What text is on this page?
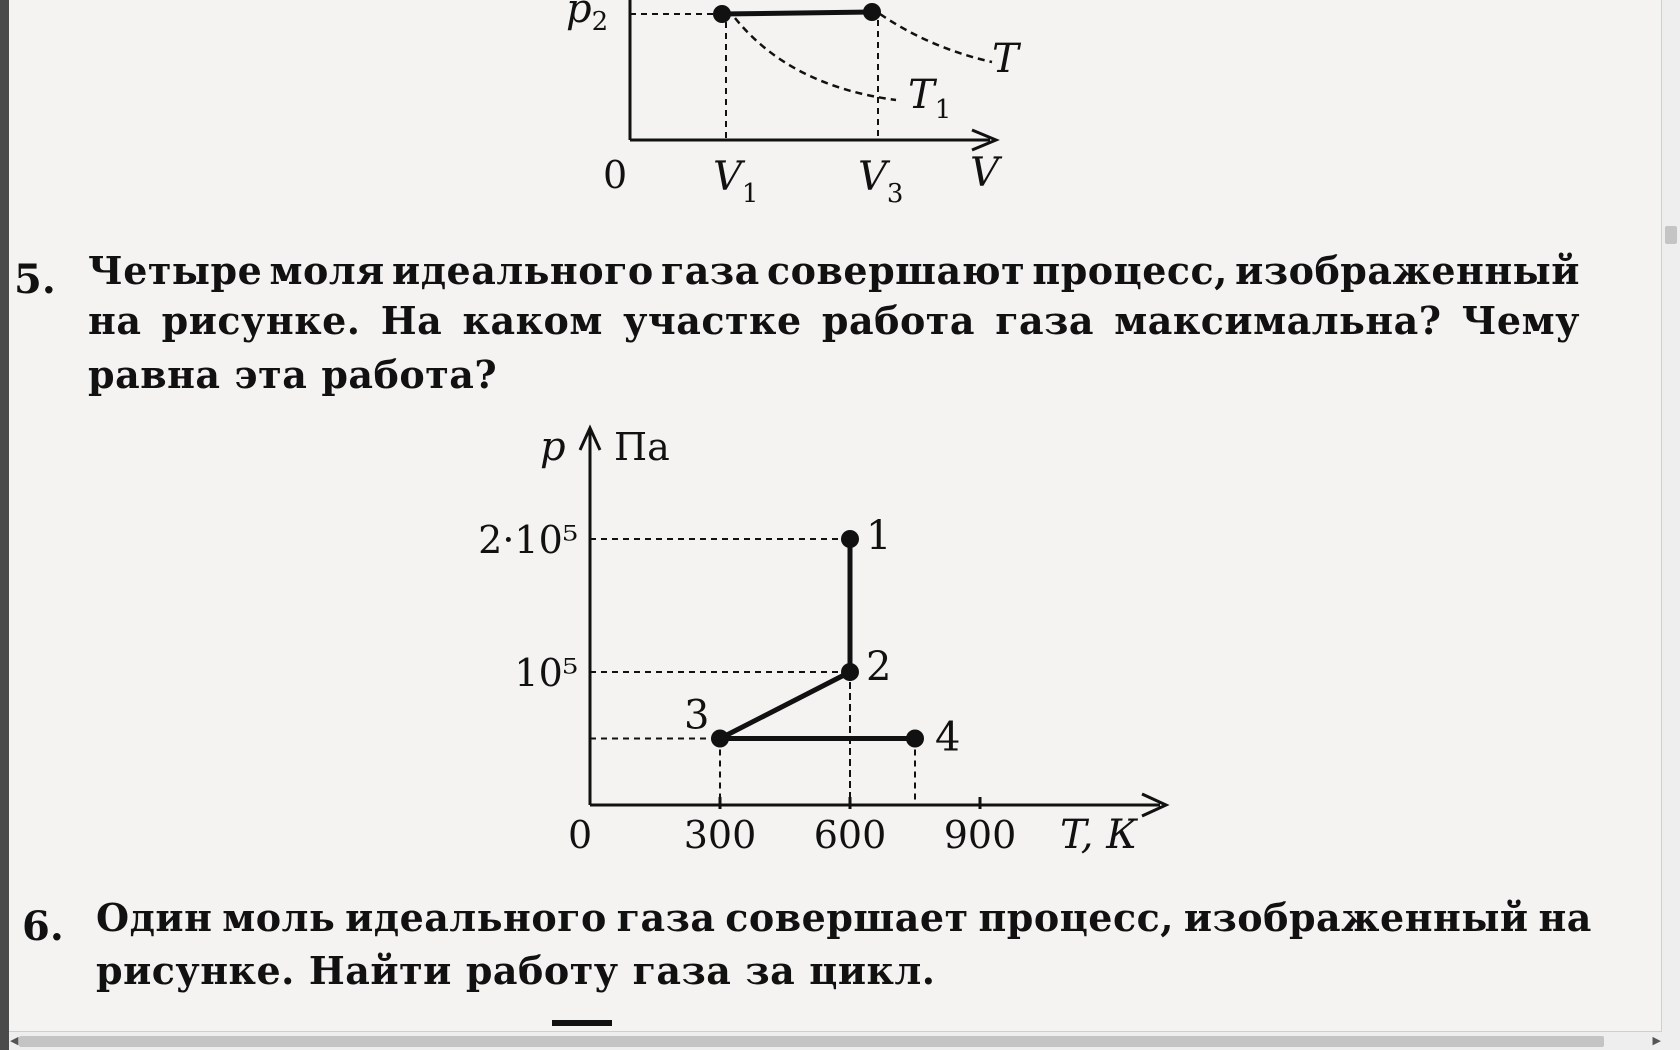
$p_2$
T
$T_1$
0 $V_1$ $V_3$ V
5. Четыре моля идеального газа совершают процесс, изображенный
на рисунке. На каком участке работа газа максимальна? Чему
равна эта работа?
p Па
T, К
0 300 600 900
10⁵
2·10⁵	1
2
3	4
6. Один моль идеального газа совершает процесс, изображенный на
рисунке. Найти работу газа за цикл.
◀	▶
